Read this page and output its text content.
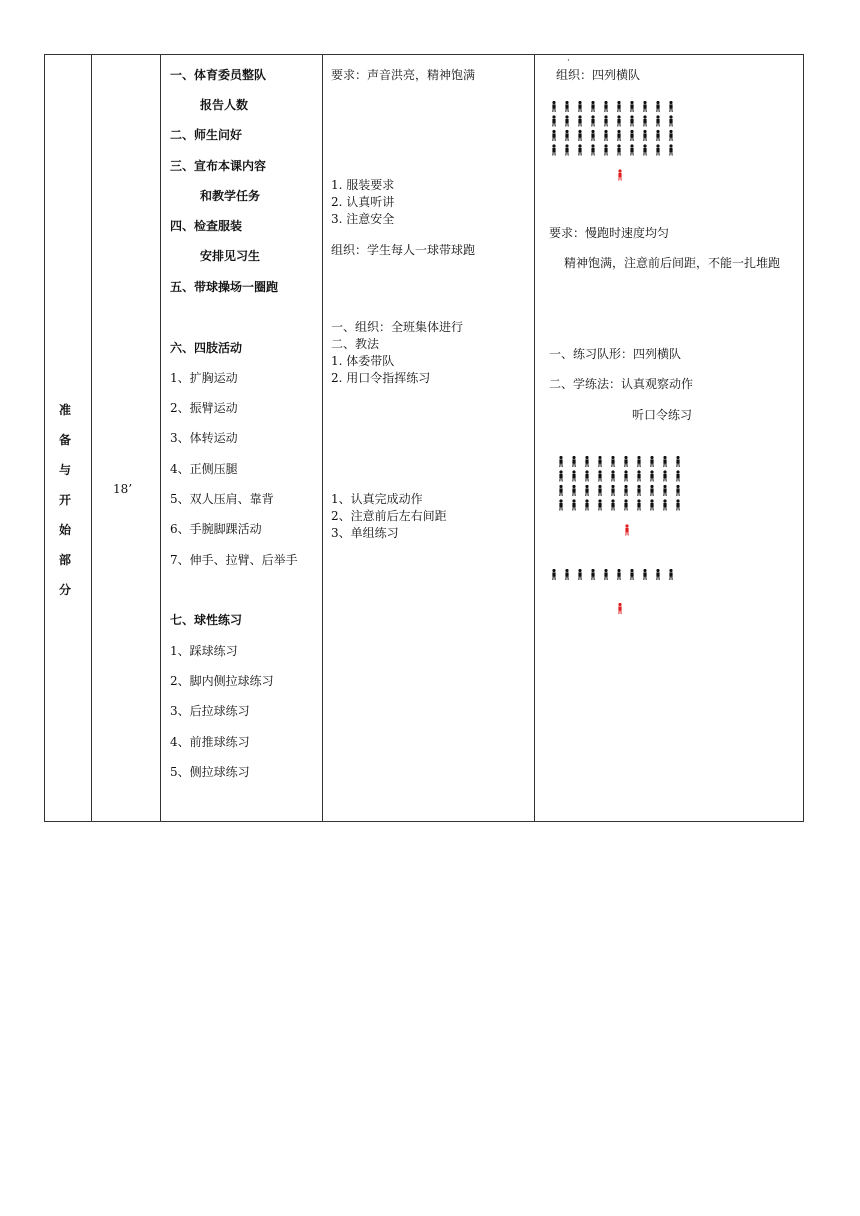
准
备
与
开
始
部
分
18’
一、体育委员整队
报告人数
二、师生问好
三、宣布本课内容
和教学任务
四、检查服装
安排见习生
五、带球操场一圈跑
六、四肢活动
1、扩胸运动
2、振臂运动
3、体转运动
4、正侧压腿
5、双人压肩、靠背
6、手腕脚踝活动
7、伸手、拉臂、后举手
七、球性练习
1、踩球练习
2、脚内侧拉球练习
3、后拉球练习
4、前推球练习
5、侧拉球练习
要求：声音洪亮，精神饱满
1. 服装要求
2. 认真听讲
3. 注意安全
组织：学生每人一球带球跑
一、组织：全班集体进行
二、教法
1. 体委带队
2. 用口令指挥练习
1、认真完成动作
2、注意前后左右间距
3、单组练习
·
组织：四列横队
要求：慢跑时速度均匀
精神饱满，注意前后间距，不能一扎堆跑
一、练习队形：四列横队
二、学练法：认真观察动作
听口令练习
